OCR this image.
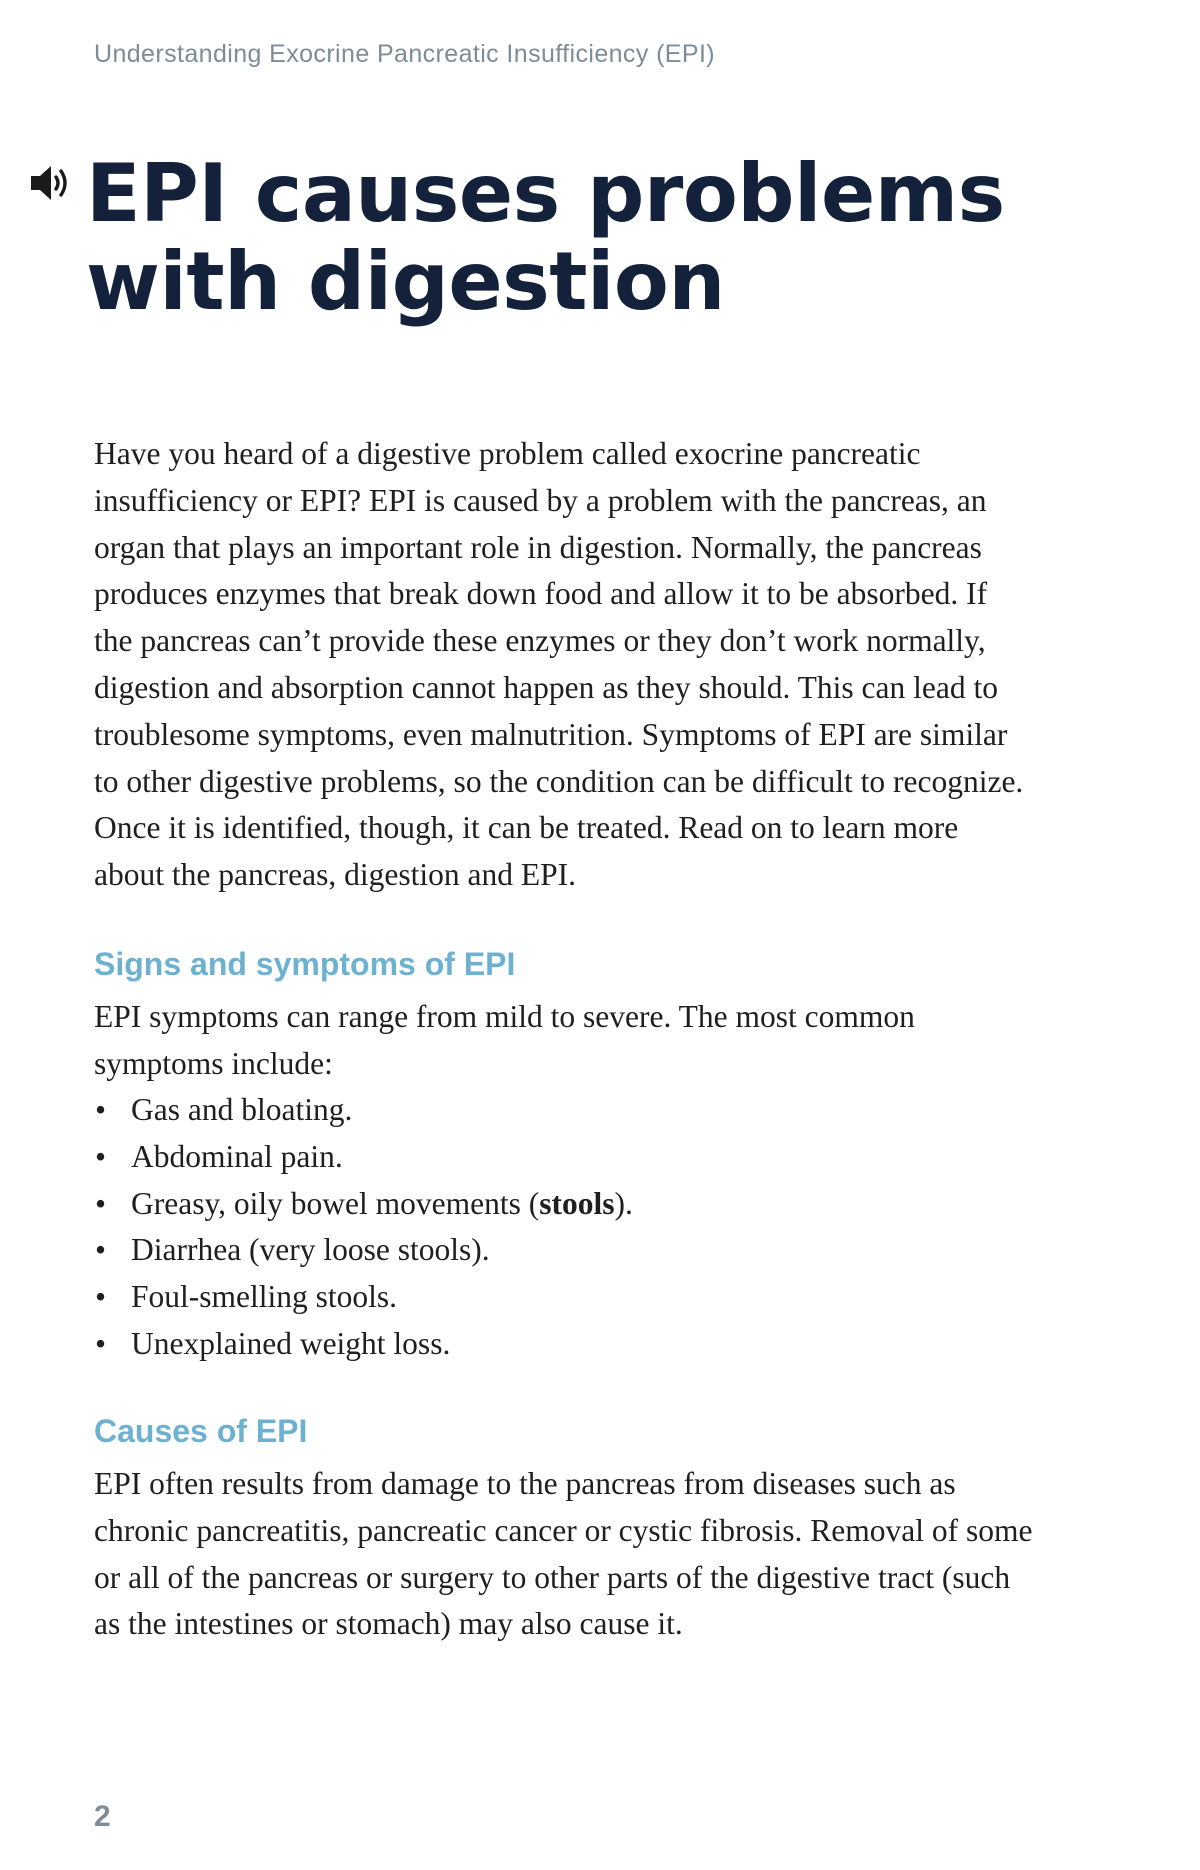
Understanding Exocrine Pancreatic Insufficiency (EPI)
EPI causes problems
with digestion

Have you heard of a digestive problem called exocrine pancreatic
insufficiency or EPI? EPI is caused by a problem with the pancreas, an
organ that plays an important role in digestion. Normally, the pancreas
produces enzymes that break down food and allow it to be absorbed. If
the pancreas can’t provide these enzymes or they don’t work normally,
digestion and absorption cannot happen as they should. This can lead to
troublesome symptoms, even malnutrition. Symptoms of EPI are similar
to other digestive problems, so the condition can be difficult to recognize.
Once it is identified, though, it can be treated. Read on to learn more
about the pancreas, digestion and EPI.

Signs and symptoms of EPI

EPI symptoms can range from mild to severe. The most common
symptoms include:

• Gas and bloating.
• Abdominal pain.
• Greasy, oily bowel movements (stools).
• Diarrhea (very loose stools).
• Foul-smelling stools.
• Unexplained weight loss.
Causes of EPI

EPI often results from damage to the pancreas from diseases such as
chronic pancreatitis, pancreatic cancer or cystic fibrosis. Removal of some
or all of the pancreas or surgery to other parts of the digestive tract (such
as the intestines or stomach) may also cause it.

2
